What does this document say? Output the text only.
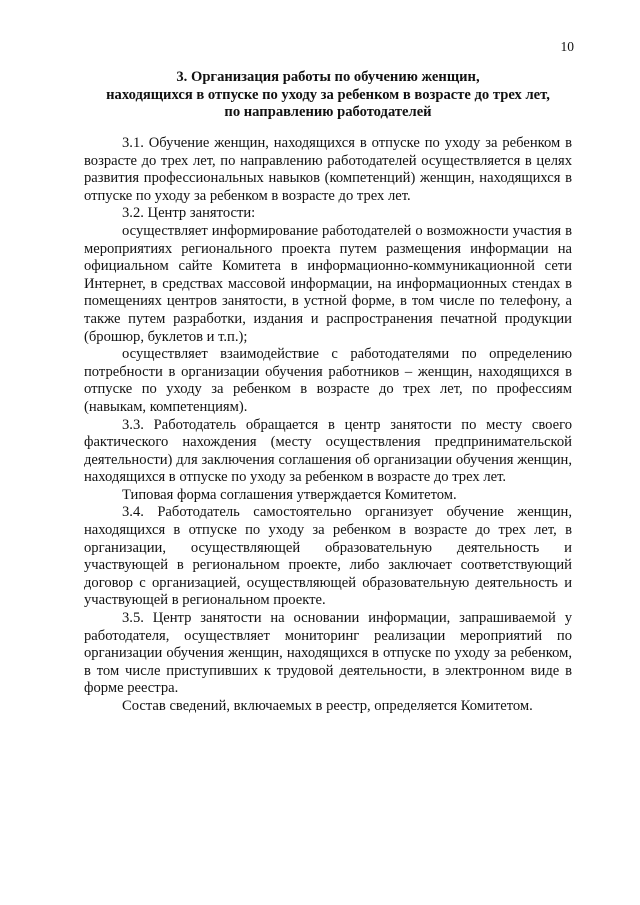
10
3. Организация работы по обучению женщин,
находящихся в отпуске по уходу за ребенком в возрасте до трех лет,
по направлению работодателей

3.1. Обучение женщин, находящихся в отпуске по уходу за ребенком в возрасте до трех лет, по направлению работодателей осуществляется в целях развития профессиональных навыков (компетенций) женщин, находящихся в отпуске по уходу за ребенком в возрасте до трех лет.

3.2. Центр занятости:

осуществляет информирование работодателей о возможности участия в мероприятиях регионального проекта путем размещения информации на официальном сайте Комитета в информационно-коммуникационной сети Интернет, в средствах массовой информации, на информационных стендах в помещениях центров занятости, в устной форме, в том числе по телефону, а также путем разработки, издания и распространения печатной продукции (брошюр, буклетов и т.п.);

осуществляет взаимодействие с работодателями по определению потребности в организации обучения работников – женщин, находящихся в отпуске по уходу за ребенком в возрасте до трех лет, по профессиям (навыкам, компетенциям).

3.3. Работодатель обращается в центр занятости по месту своего фактического нахождения (месту осуществления предпринимательской деятельности) для заключения соглашения об организации обучения женщин, находящихся в отпуске по уходу за ребенком в возрасте до трех лет.

Типовая форма соглашения утверждается Комитетом.

3.4. Работодатель самостоятельно организует обучение женщин, находящихся в отпуске по уходу за ребенком в возрасте до трех лет, в организации, осуществляющей образовательную деятельность и участвующей в региональном проекте, либо заключает соответствующий договор с организацией, осуществляющей образовательную деятельность и участвующей в региональном проекте.

3.5. Центр занятости на основании информации, запрашиваемой у работодателя, осуществляет мониторинг реализации мероприятий по организации обучения женщин, находящихся в отпуске по уходу за ребенком, в том числе приступивших к трудовой деятельности, в электронном виде в форме реестра.

Состав сведений, включаемых в реестр, определяется Комитетом.
